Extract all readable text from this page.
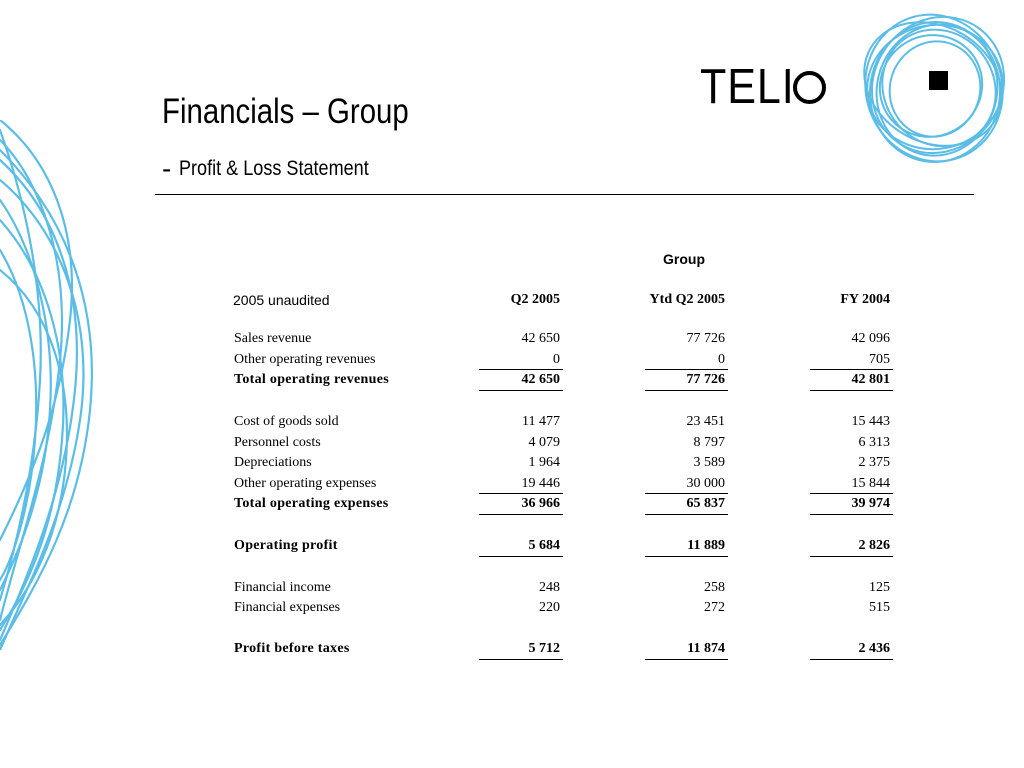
Financials – Group
- Profit & Loss Statement
TELI
Group
2005 unaudited	Q2 2005	Ytd Q2 2005	FY 2004
Sales revenue	42 650	77 726	42 096
Other operating revenues	0	0	705
Total operating revenues	42 650	77 726	42 801
Cost of goods sold	11 477	23 451	15 443
Personnel costs	4 079	8 797	6 313
Depreciations	1 964	3 589	2 375
Other operating expenses	19 446	30 000	15 844
Total operating expenses	36 966	65 837	39 974
Operating profit	5 684	11 889	2 826
Financial income	248	258	125
Financial expenses	220	272	515
Profit before taxes	5 712	11 874	2 436
